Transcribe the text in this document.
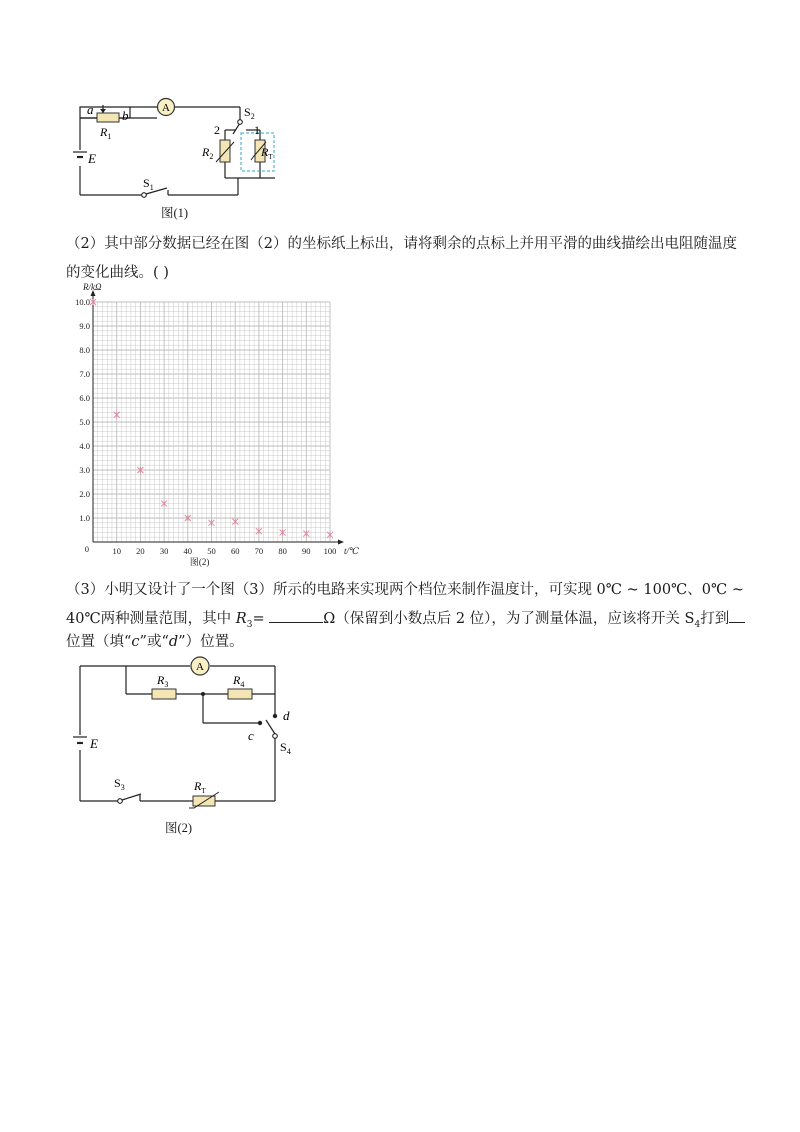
a b
$R_1$
A	$S_2$
2	1
$R_2$	$R_T$
E
$S_1$
图(1)
（2）其中部分数据已经在图（2）的坐标纸上标出，请将剩余的点标上并用平滑的曲线描绘出电阻随温度的变化曲线。( )
10 20 30 40 50 60 70 80 90 100
1.0
2.0
3.0
4.0
5.0
6.0
7.0
8.0
9.0
10.0
0
R/kΩ
t/℃
图(2)
（3）小明又设计了一个图（3）所示的电路来实现两个档位来制作温度计，可实现 0℃ ~ 100℃、0℃ ~
40℃两种测量范围，其中 $R_3=$	Ω（保留到小数点后 2 位），为了测量体温，应该将开关 $S_4$打到
位置（填“c”或“d”）位置。
A
$R_3$	$R_4$
d
c
$S_4$
E
$S_3$	$R_T$
图(2)
